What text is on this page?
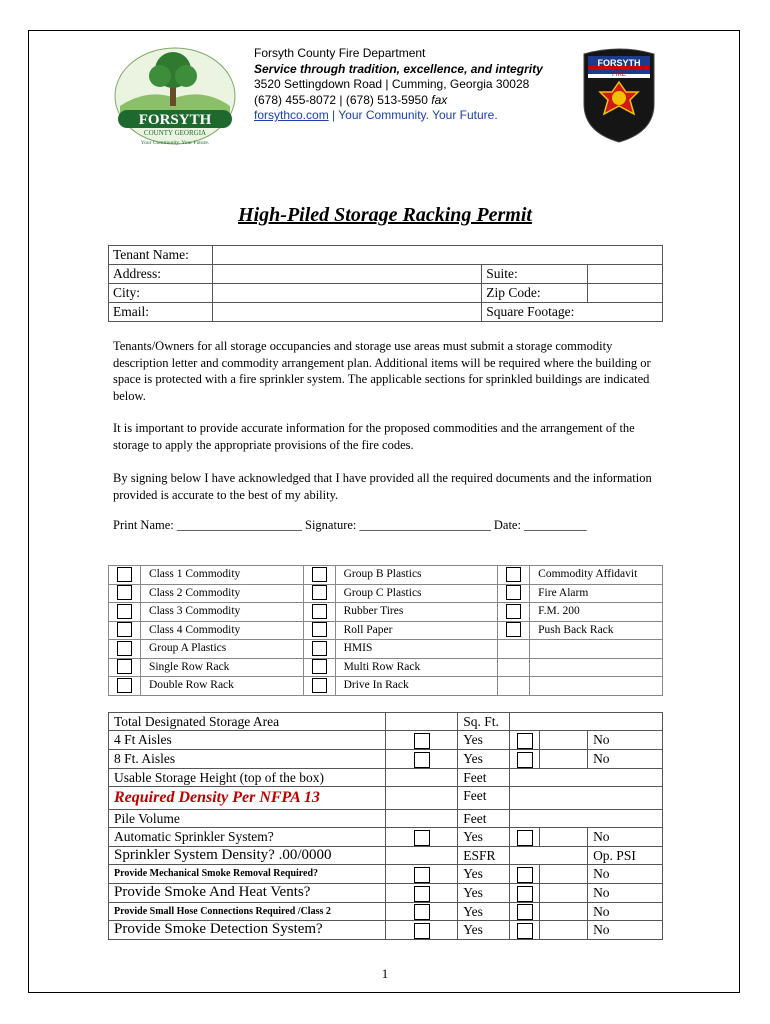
FORSYTH
COUNTY GEORGIA
Your Community. Your Future.
Forsyth County Fire Department
Service through tradition, excellence, and integrity
3520 Settingdown Road | Cumming, Georgia 30028
(678) 455-8072 | (678) 513-5950 fax
forsythco.com | Your Community. Your Future.
FORSYTH
FIRE
High-Piled Storage Racking Permit
Tenant Name:			
Address:		Suite:	
City:		Zip Code:	
Email:		Square Footage:	
Tenants/Owners for all storage occupancies and storage use areas must submit a storage commodity description letter and commodity arrangement plan. Additional items will be required where the building or space is protected with a fire sprinkler system. The applicable sections for sprinkled buildings are indicated below.
It is important to provide accurate information for the proposed commodities and the arrangement of the storage to apply the appropriate provisions of the fire codes.
By signing below I have acknowledged that I have provided all the required documents and the information provided is accurate to the best of my ability.
Print Name: ____________________ Signature: _____________________ Date: __________
	Class 1 Commodity		Group B Plastics		Commodity Affidavit
	Class 2 Commodity		Group C Plastics		Fire Alarm
	Class 3 Commodity		Rubber Tires		F.M. 200
	Class 4 Commodity		Roll Paper		Push Back Rack
	Group A Plastics		HMIS		
	Single Row Rack		Multi Row Rack		
	Double Row Rack		Drive In Rack		
Total Designated Storage Area		Sq. Ft.			
4 Ft Aisles		Yes			No
8 Ft. Aisles		Yes			No
Usable Storage Height (top of the box)		Feet			
Required Density Per NFPA 13		Feet			
Pile Volume		Feet			
Automatic Sprinkler System?		Yes			No
Sprinkler System Density? .00/0000		ESFR			Op. PSI
Provide Mechanical Smoke Removal Required?		Yes			No
Provide Smoke And Heat Vents?		Yes			No
Provide Small Hose Connections Required /Class 2		Yes			No
Provide Smoke Detection System?		Yes			No
1
